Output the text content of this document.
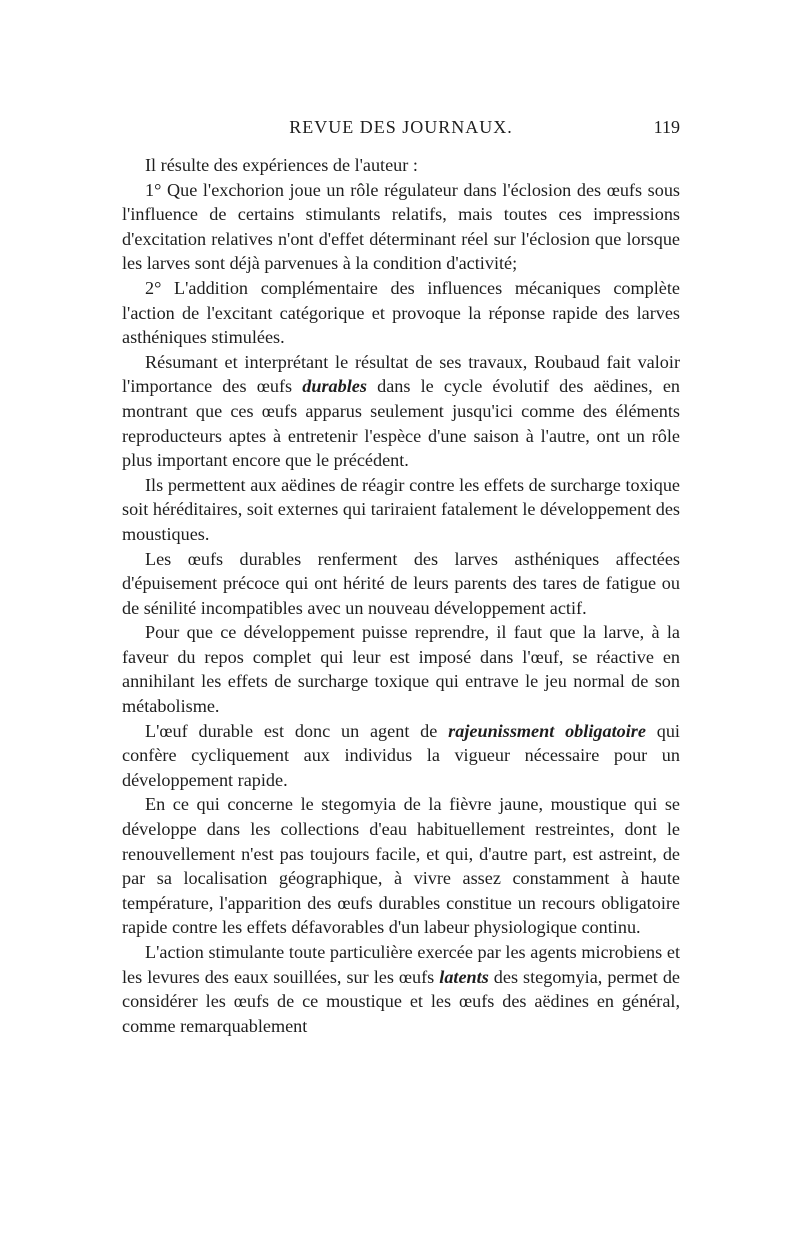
REVUE DES JOURNAUX.	119

Il résulte des expériences de l'auteur :

1° Que l'exchorion joue un rôle régulateur dans l'éclosion des œufs sous l'influence de certains stimulants relatifs, mais toutes ces impressions d'excitation relatives n'ont d'effet déterminant réel sur l'éclosion que lorsque les larves sont déjà parvenues à la condition d'activité;

2° L'addition complémentaire des influences mécaniques complète l'action de l'excitant catégorique et provoque la réponse rapide des larves asthéniques stimulées.

Résumant et interprétant le résultat de ses travaux, Roubaud fait valoir l'importance des œufs durables dans le cycle évolutif des aëdines, en montrant que ces œufs apparus seulement jusqu'ici comme des éléments reproducteurs aptes à entretenir l'espèce d'une saison à l'autre, ont un rôle plus important encore que le précédent.

Ils permettent aux aëdines de réagir contre les effets de surcharge toxique soit héréditaires, soit externes qui tariraient fatalement le développement des moustiques.

Les œufs durables renferment des larves asthéniques affectées d'épuisement précoce qui ont hérité de leurs parents des tares de fatigue ou de sénilité incompatibles avec un nouveau développement actif.

Pour que ce développement puisse reprendre, il faut que la larve, à la faveur du repos complet qui leur est imposé dans l'œuf, se réactive en annihilant les effets de surcharge toxique qui entrave le jeu normal de son métabolisme.

L'œuf durable est donc un agent de rajeunissment obligatoire qui confère cycliquement aux individus la vigueur nécessaire pour un développement rapide.

En ce qui concerne le stegomyia de la fièvre jaune, moustique qui se développe dans les collections d'eau habituellement restreintes, dont le renouvellement n'est pas toujours facile, et qui, d'autre part, est astreint, de par sa localisation géographique, à vivre assez constamment à haute température, l'apparition des œufs durables constitue un recours obligatoire rapide contre les effets défavorables d'un labeur physiologique continu.

L'action stimulante toute particulière exercée par les agents microbiens et les levures des eaux souillées, sur les œufs latents des stegomyia, permet de considérer les œufs de ce moustique et les œufs des aëdines en général, comme remarquablement
